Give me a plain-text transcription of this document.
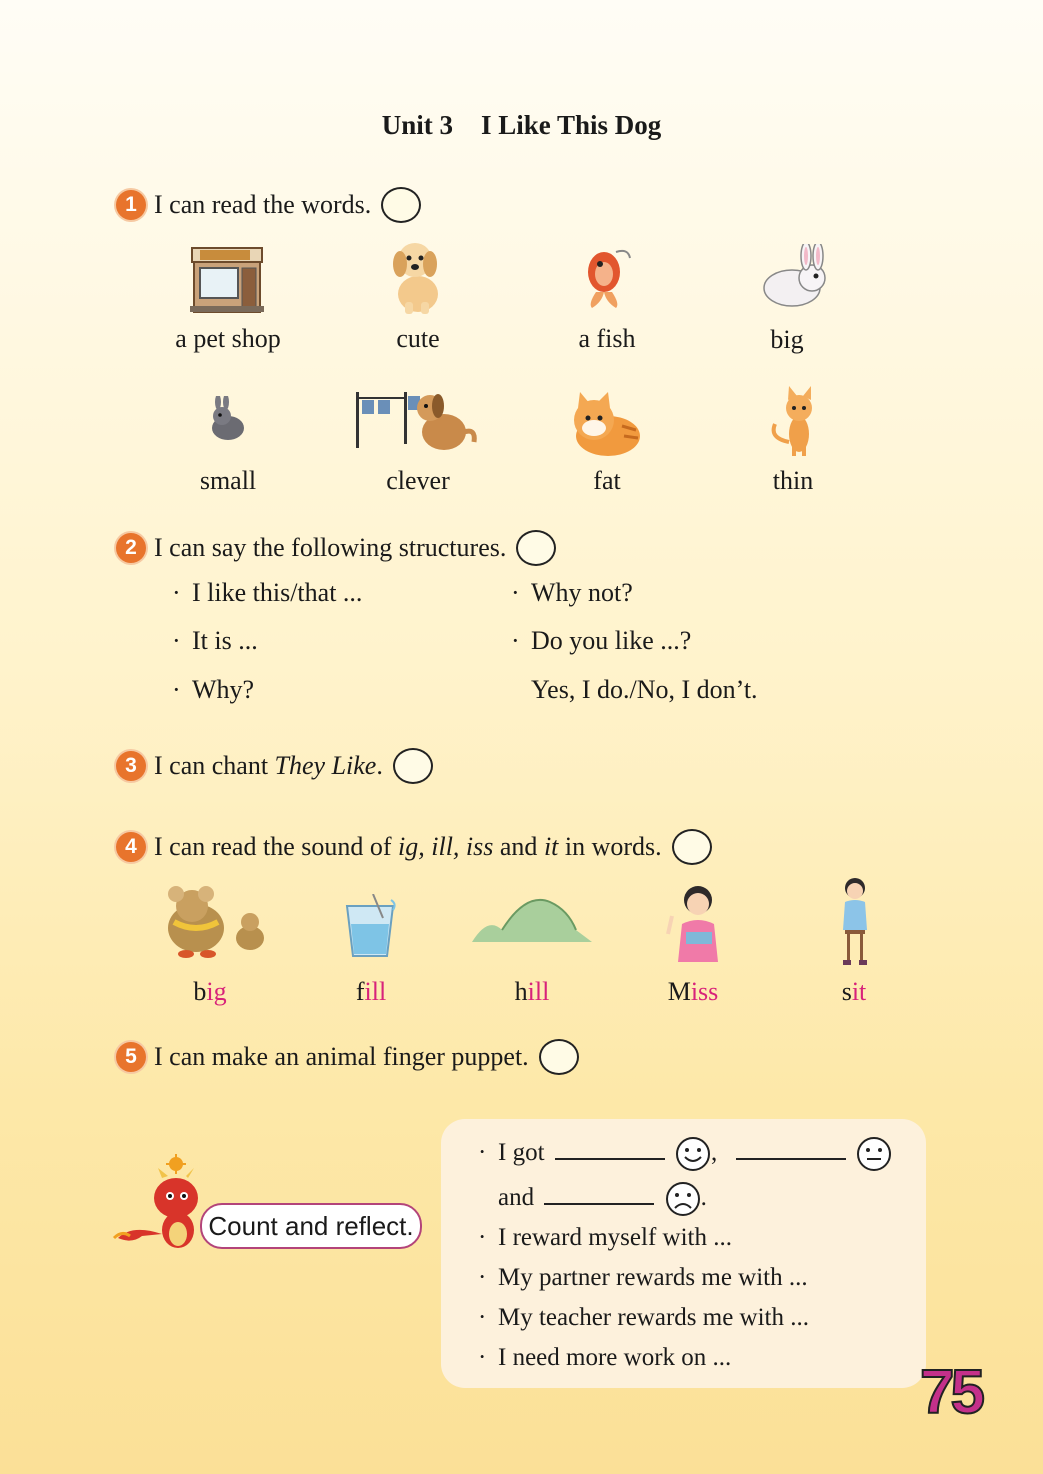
Unit 3 I Like This Dog
1 I can read the words.
a pet shop	cute	a fish	big
small	clever	fat	thin
2 I can say the following structures.
· I like this/that ...
· It is ...
· Why?
· Why not?
· Do you like ...?
Yes, I do./No, I don’t.
3 I can chant They Like.
4 I can read the sound of ig, ill, iss and it in words.
big	fill	hill	Miss	sit
5 I can make an animal finger puppet.
Count and reflect.
· I got	,
and	.
· I reward myself with ...
· My partner rewards me with ...
· My teacher rewards me with ...
· I need more work on ...
75
